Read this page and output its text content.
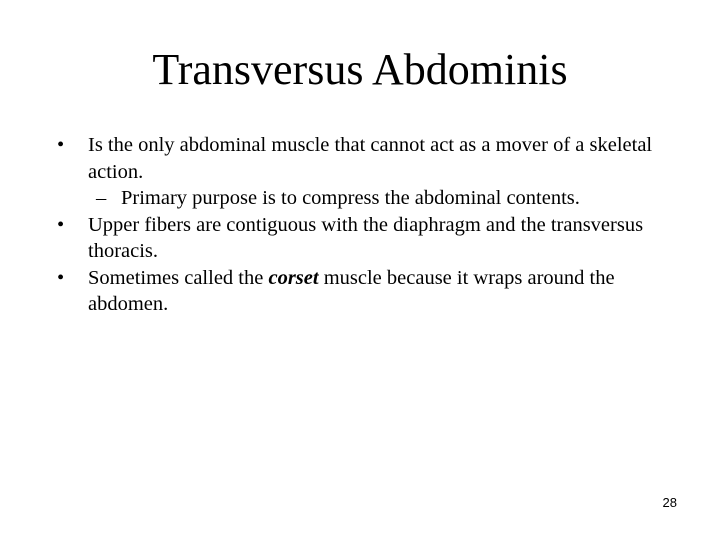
Transversus Abdominis
• Is the only abdominal muscle that cannot act as a mover of a skeletal action.
– Primary purpose is to compress the abdominal contents.
• Upper fibers are contiguous with the diaphragm and the transversus thoracis.
• Sometimes called the corset muscle because it wraps around the abdomen.
28
